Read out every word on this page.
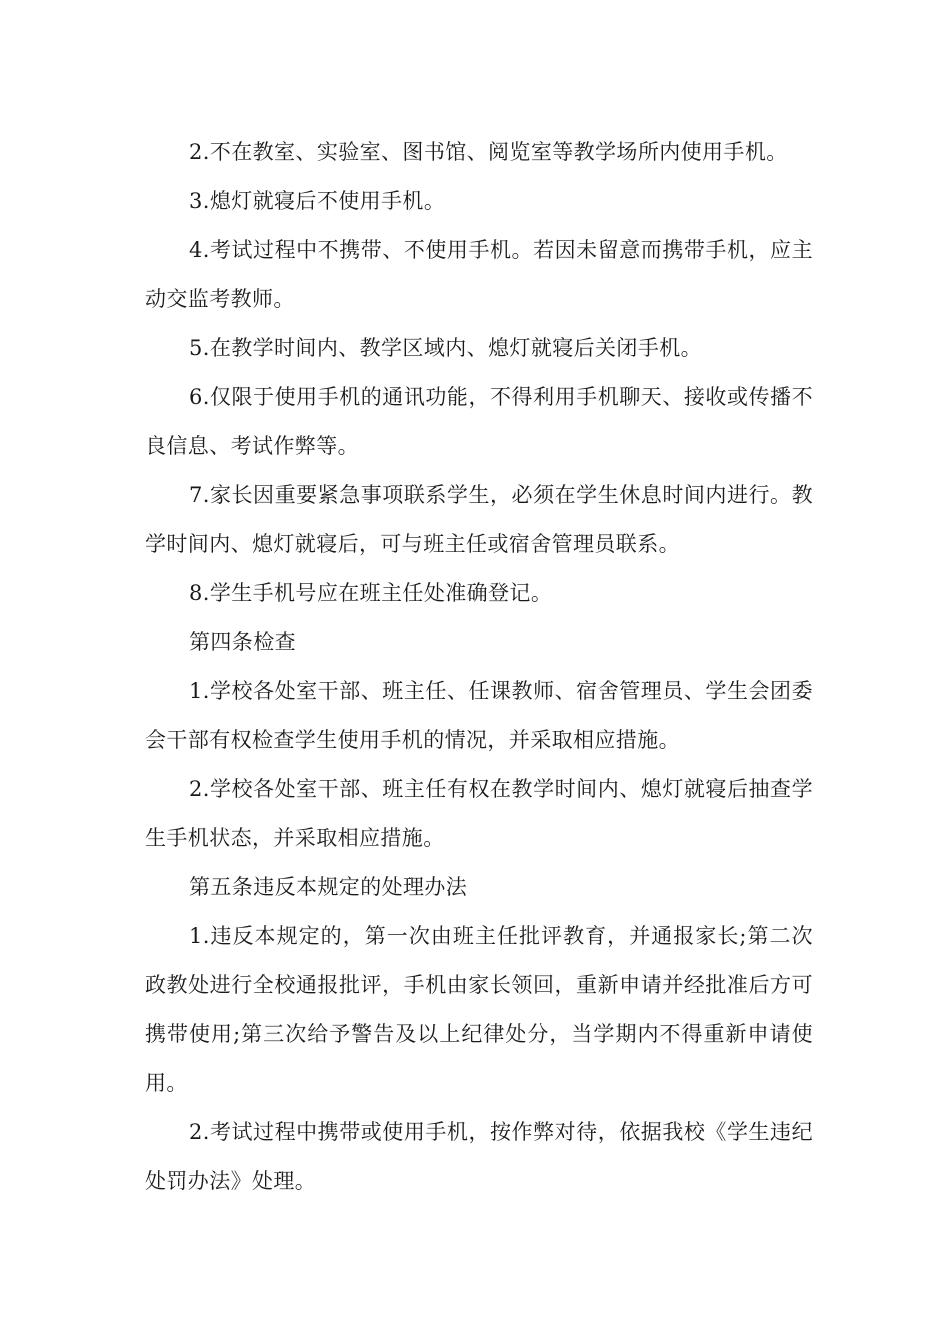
2.不在教室、实验室、图书馆、阅览室等教学场所内使用手机。

3.熄灯就寝后不使用手机。

4.考试过程中不携带、不使用手机。若因未留意而携带手机，应主动交监考教师。

5.在教学时间内、教学区域内、熄灯就寝后关闭手机。

6.仅限于使用手机的通讯功能，不得利用手机聊天、接收或传播不良信息、考试作弊等。

7.家长因重要紧急事项联系学生，必须在学生休息时间内进行。教学时间内、熄灯就寝后，可与班主任或宿舍管理员联系。

8.学生手机号应在班主任处准确登记。

第四条检查

1.学校各处室干部、班主任、任课教师、宿舍管理员、学生会团委会干部有权检查学生使用手机的情况，并采取相应措施。

2.学校各处室干部、班主任有权在教学时间内、熄灯就寝后抽查学生手机状态，并采取相应措施。

第五条违反本规定的处理办法

1.违反本规定的，第一次由班主任批评教育，并通报家长;第二次政教处进行全校通报批评，手机由家长领回，重新申请并经批准后方可携带使用;第三次给予警告及以上纪律处分，当学期内不得重新申请使用。

2.考试过程中携带或使用手机，按作弊对待，依据我校《学生违纪处罚办法》处理。
